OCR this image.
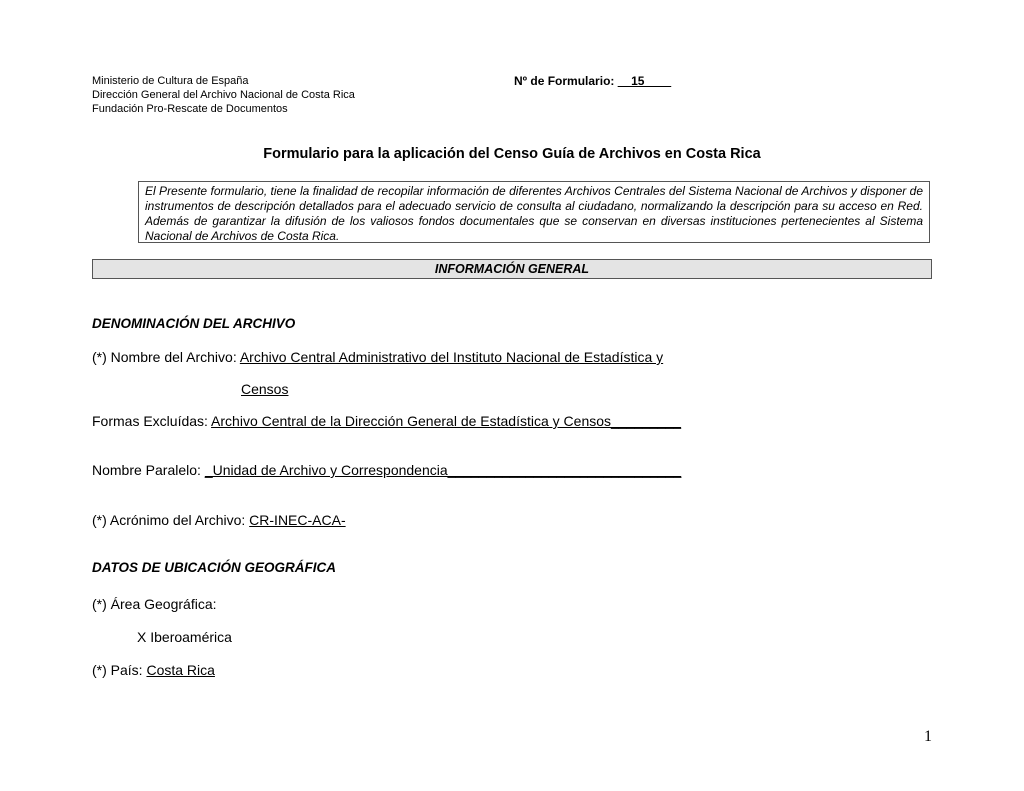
Ministerio de Cultura de España
Dirección General del Archivo Nacional de Costa Rica
Fundación Pro-Rescate de Documentos
Nº de Formulario: __15____
Formulario para la aplicación del Censo Guía de Archivos en Costa Rica
El Presente formulario, tiene la finalidad de recopilar información de diferentes Archivos Centrales del Sistema Nacional de Archivos y disponer de instrumentos de descripción detallados para el adecuado servicio de consulta al ciudadano, normalizando la descripción para su acceso en Red. Además de garantizar la difusión de los valiosos fondos documentales que se conservan en diversas instituciones pertenecientes al Sistema Nacional de Archivos de Costa Rica.
INFORMACIÓN GENERAL
DENOMINACIÓN DEL ARCHIVO
(*) Nombre del Archivo: Archivo Central Administrativo del Instituto Nacional de Estadística y
Censos
Formas Excluídas: Archivo Central de la Dirección General de Estadística y Censos_________
Nombre Paralelo: _Unidad de Archivo y Correspondencia______________________________
(*) Acrónimo del Archivo: CR-INEC-ACA-
DATOS DE UBICACIÓN GEOGRÁFICA
(*) Área Geográfica:
X Iberoamérica
(*) País: Costa Rica
1
